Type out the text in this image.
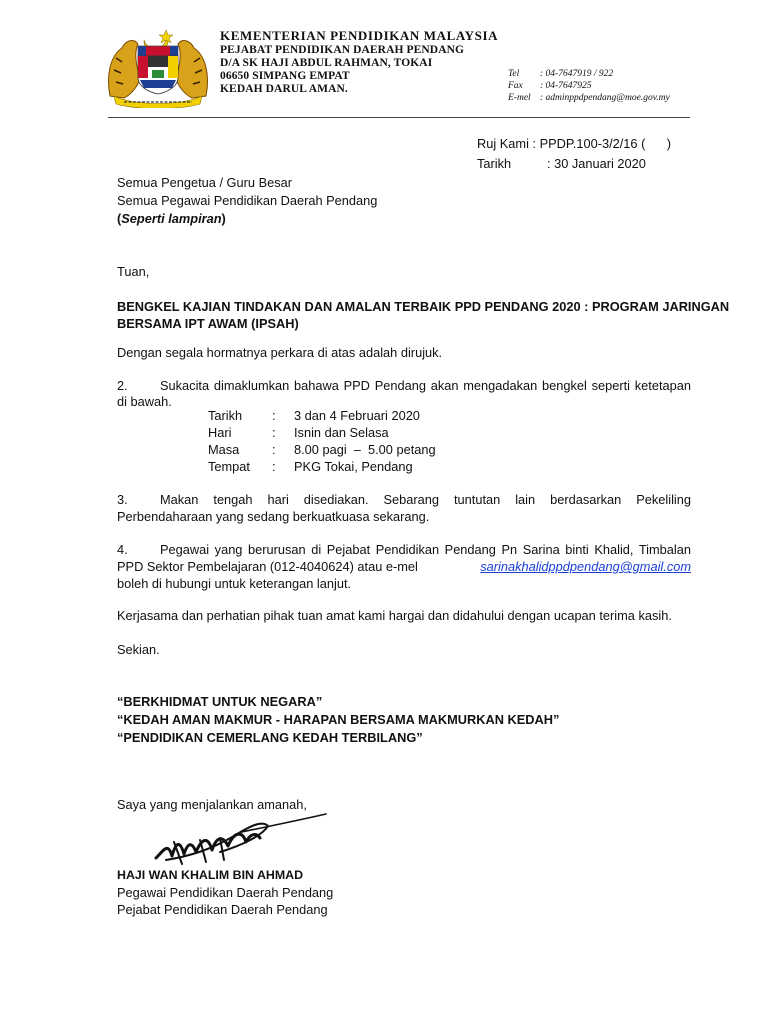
KEMENTERIAN PENDIDIKAN MALAYSIA
PEJABAT PENDIDIKAN DAERAH PENDANG
D/A SK HAJI ABDUL RAHMAN, TOKAI
06650 SIMPANG EMPAT
KEDAH DARUL AMAN.
Tel : 04-7647919 / 922
Fax : 04-7647925
E-mel : adminppdpendang@moe.gov.my
Ruj Kami : PPDP.100-3/2/16 (      )
Tarikh	: 30 Januari 2020
Semua Pengetua / Guru Besar
Semua Pegawai Pendidikan Daerah Pendang
(Seperti lampiran)
Tuan,
BENGKEL KAJIAN TINDAKAN DAN AMALAN TERBAIK PPD PENDANG 2020 : PROGRAM JARINGAN
BERSAMA IPT AWAM (IPSAH)
Dengan segala hormatnya perkara di atas adalah dirujuk.
2.	Sukacita dimaklumkan bahawa PPD Pendang akan mengadakan bengkel seperti ketetapan
di bawah.
Tarikh : 3 dan 4 Februari 2020
Hari	: Isnin dan Selasa
Masa	: 8.00 pagi  –  5.00 petang
Tempat : PKG Tokai, Pendang
3.	Makan tengah hari disediakan. Sebarang tuntutan lain berdasarkan Pekeliling
Perbendaharaan yang sedang berkuatkuasa sekarang.
4.	Pegawai yang berurusan di Pejabat Pendidikan Pendang Pn Sarina binti Khalid, Timbalan
PPD Sektor Pembelajaran (012-4040624) atau e-mel	sarinakhalidppdpendang@gmail.com
boleh di hubungi untuk keterangan lanjut.
Kerjasama dan perhatian pihak tuan amat kami hargai dan didahului dengan ucapan terima kasih.
Sekian.
“BERKHIDMAT UNTUK NEGARA”
“KEDAH AMAN MAKMUR - HARAPAN BERSAMA MAKMURKAN KEDAH”
“PENDIDIKAN CEMERLANG KEDAH TERBILANG”
Saya yang menjalankan amanah,
HAJI WAN KHALIM BIN AHMAD
Pegawai Pendidikan Daerah Pendang
Pejabat Pendidikan Daerah Pendang
